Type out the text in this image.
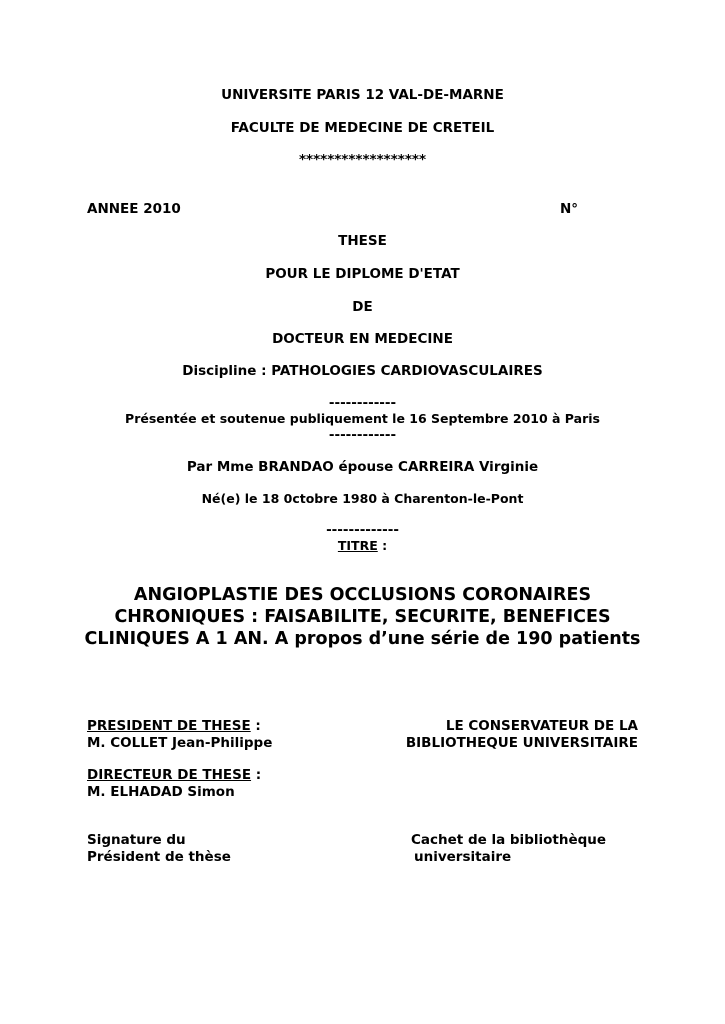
UNIVERSITE PARIS 12 VAL-DE-MARNE
FACULTE DE MEDECINE DE CRETEIL
******************
ANNEE 2010	N°
THESE
POUR LE DIPLOME D'ETAT
DE
DOCTEUR EN MEDECINE
Discipline : PATHOLOGIES CARDIOVASCULAIRES
------------
Présentée et soutenue publiquement le 16 Septembre 2010 à Paris
------------
Par Mme BRANDAO épouse CARREIRA Virginie
Né(e) le 18 0ctobre 1980 à Charenton-le-Pont
-------------
TITRE :
ANGIOPLASTIE DES OCCLUSIONS CORONAIRES
CHRONIQUES : FAISABILITE, SECURITE, BENEFICES
CLINIQUES A 1 AN. A propos d’une série de 190 patients
PRESIDENT DE THESE :
M. COLLET Jean-Philippe
LE CONSERVATEUR DE LA
BIBLIOTHEQUE UNIVERSITAIRE
DIRECTEUR DE THESE :
M. ELHADAD Simon
Signature du
Président de thèse
Cachet de la bibliothèque
universitaire
